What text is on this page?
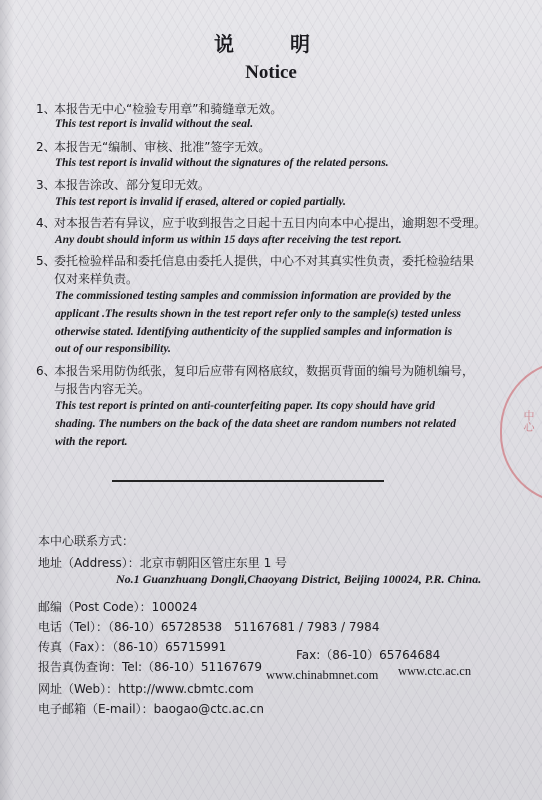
说　明
Notice
1、本报告无中心“检验专用章”和骑缝章无效。
This test report is invalid without the seal.
2、本报告无“编制、审核、批准”签字无效。
This test report is invalid without the signatures of the related persons.
3、本报告涂改、部分复印无效。
This test report is invalid if erased, altered or copied partially.
4、对本报告若有异议，应于收到报告之日起十五日内向本中心提出，逾期恕不受理。
Any doubt should inform us within 15 days after receiving the test report.
5、委托检验样品和委托信息由委托人提供，中心不对其真实性负责，委托检验结果
仅对来样负责。
The commissioned testing samples and commission information are provided by the
applicant .The results shown in the test report refer only to the sample(s) tested unless
otherwise stated. Identifying authenticity of the supplied samples and information is
out of our responsibility.
6、本报告采用防伪纸张，复印后应带有网格底纹，数据页背面的编号为随机编号，
与报告内容无关。
This test report is printed on anti-counterfeiting paper. Its copy should have grid
shading. The numbers on the back of the data sheet are random numbers not related
with the report.
中心
本中心联系方式：
地址（Address）：北京市朝阳区管庄东里 1 号
No.1 Guanzhuang Dongli,Chaoyang District, Beijing 100024, P.R. China.
邮编（Post Code）：100024
电话（Tel）：（86-10）65728538　51167681 / 7983 / 7984
传真（Fax）：（86-10）65715991
Fax:（86-10）65764684
报告真伪查询：Tel:（86-10）51167679
网址（Web）：http://www.cbmtc.com
www.chinabmnet.com www.ctc.ac.cn
电子邮箱（E-mail）：baogao@ctc.ac.cn
